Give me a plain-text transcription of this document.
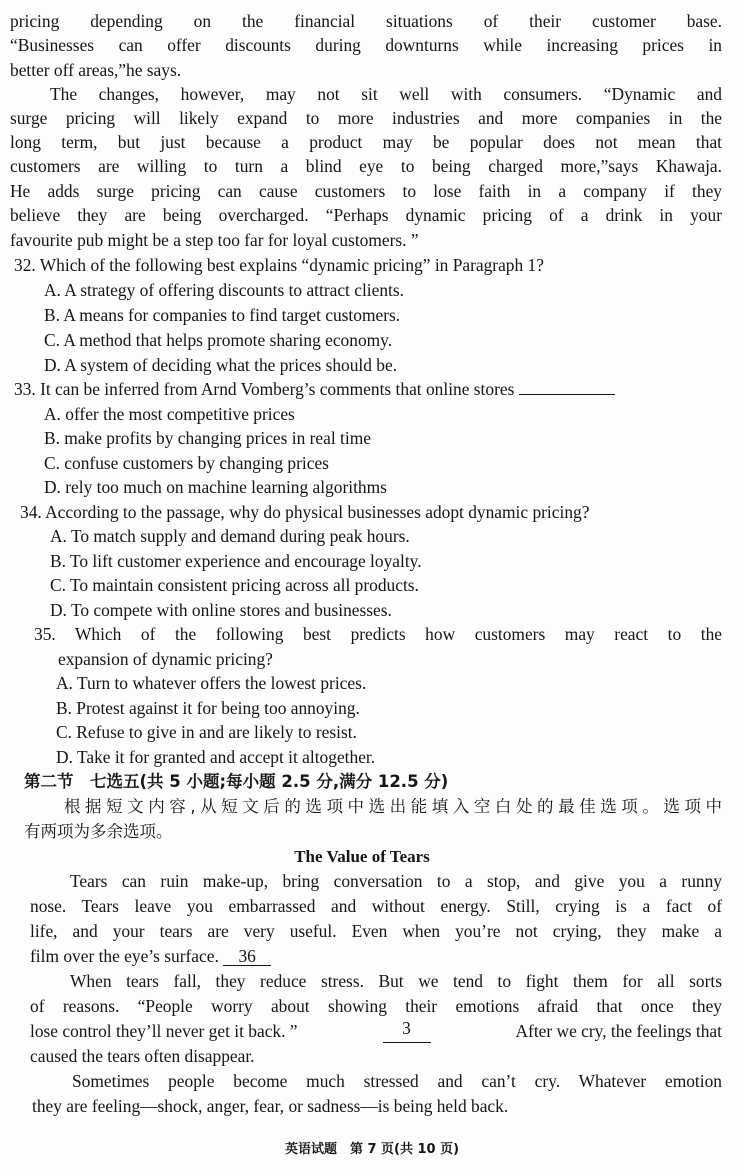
pricing depending on the financial situations of their customer base.
“Businesses can offer discounts during downturns while increasing prices in
better off areas,”he says.
The changes, however, may not sit well with consumers. “Dynamic and
surge pricing will likely expand to more industries and more companies in the
long term, but just because a product may be popular does not mean that
customers are willing to turn a blind eye to being charged more,”says Khawaja.
He adds surge pricing can cause customers to lose faith in a company if they
believe they are being overcharged. “Perhaps dynamic pricing of a drink in your
favourite pub might be a step too far for loyal customers. ”
32. Which of the following best explains “dynamic pricing” in Paragraph 1?
A. A strategy of offering discounts to attract clients.
B. A means for companies to find target customers.
C. A method that helps promote sharing economy.
D. A system of deciding what the prices should be.
33. It can be inferred from Arnd Vomberg’s comments that online stores
A. offer the most competitive prices
B. make profits by changing prices in real time
C. confuse customers by changing prices
D. rely too much on machine learning algorithms
34. According to the passage, why do physical businesses adopt dynamic pricing?
A. To match supply and demand during peak hours.
B. To lift customer experience and encourage loyalty.
C. To maintain consistent pricing across all products.
D. To compete with online stores and businesses.
35. Which of the following best predicts how customers may react to the
expansion of dynamic pricing?
A. Turn to whatever offers the lowest prices.
B. Protest against it for being too annoying.
C. Refuse to give in and are likely to resist.
D. Take it for granted and accept it altogether.
第二节　七选五(共 5 小题;每小题 2.5 分,满分 12.5 分)
根据短文内容,从短文后的选项中选出能填入空白处的最佳选项。选项中
有两项为多余选项。
The Value of Tears
Tears can ruin make-up, bring conversation to a stop, and give you a runny
nose. Tears leave you embarrassed and without energy. Still, crying is a fact of
life, and your tears are very useful. Even when you’re not crying, they make a
film over the eye’s surface. 36
When tears fall, they reduce stress. But we tend to fight them for all sorts
of reasons. “People worry about showing their emotions afraid that once they
lose control they’ll never get it back. ”	3	After we cry, the feelings that
caused the tears often disappear.
Sometimes people become much stressed and can’t cry. Whatever emotion
they are feeling—shock, anger, fear, or sadness—is being held back.
英语试题　第 7 页(共 10 页)
